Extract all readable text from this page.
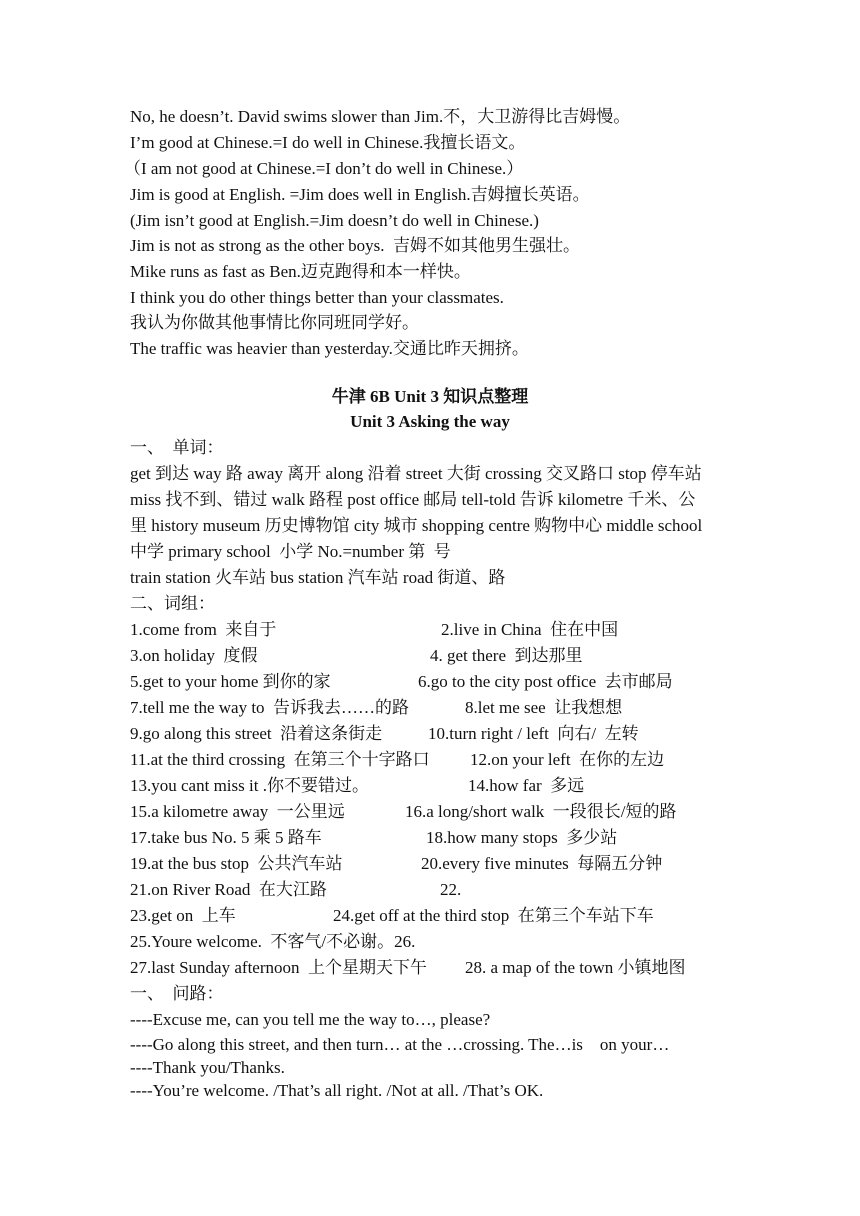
No, he doesn’t. David swims slower than Jim.不，大卫游得比吉姆慢。
I’m good at Chinese.=I do well in Chinese.我擅长语文。
（I am not good at Chinese.=I don’t do well in Chinese.）
Jim is good at English. =Jim does well in English.吉姆擅长英语。
(Jim isn’t good at English.=Jim doesn’t do well in Chinese.)
Jim is not as strong as the other boys.  吉姆不如其他男生强壮。
Mike runs as fast as Ben.迈克跑得和本一样快。
I think you do other things better than your classmates.
我认为你做其他事情比你同班同学好。
The traffic was heavier than yesterday.交通比昨天拥挤。
牛津 6B Unit 3 知识点整理
Unit 3 Asking the way
一、  单词：
get 到达 way 路 away 离开 along 沿着 street 大街 crossing 交叉路口 stop 停车站
miss 找不到、错过 walk 路程 post office 邮局 tell-told 告诉 kilometre 千米、公
里 history museum 历史博物馆 city 城市 shopping centre 购物中心 middle school
中学 primary school  小学 No.=number 第  号
train station 火车站 bus station 汽车站 road 街道、路
二、词组：
1.come from  来自于	2.live in China  住在中国
3.on holiday  度假	4. get there  到达那里
5.get to your home 到你的家	6.go to the city post office  去市邮局
7.tell me the way to  告诉我去……的路	8.let me see  让我想想
9.go along this street  沿着这条街走	10.turn right / left  向右/  左转
11.at the third crossing  在第三个十字路口 12.on your left  在你的左边
13.you cant miss it .你不要错过。	14.how far  多远
15.a kilometre away  一公里远	16.a long/short walk  一段很长/短的路
17.take bus No. 5 乘 5 路车	18.how many stops  多少站
19.at the bus stop  公共汽车站	20.every five minutes  每隔五分钟
21.on River Road  在大江路	22.
23.get on  上车	24.get off at the third stop  在第三个车站下车
25.Youre welcome.  不客气/不必谢。26.
27.last Sunday afternoon  上个星期天下午 28. a map of the town 小镇地图
一、  问路：
----Excuse me, can you tell me the way to…, please?
----Go along this street, and then turn… at the …crossing. The…is    on your…
----Thank you/Thanks.
----You’re welcome. /That’s all right. /Not at all. /That’s OK.
